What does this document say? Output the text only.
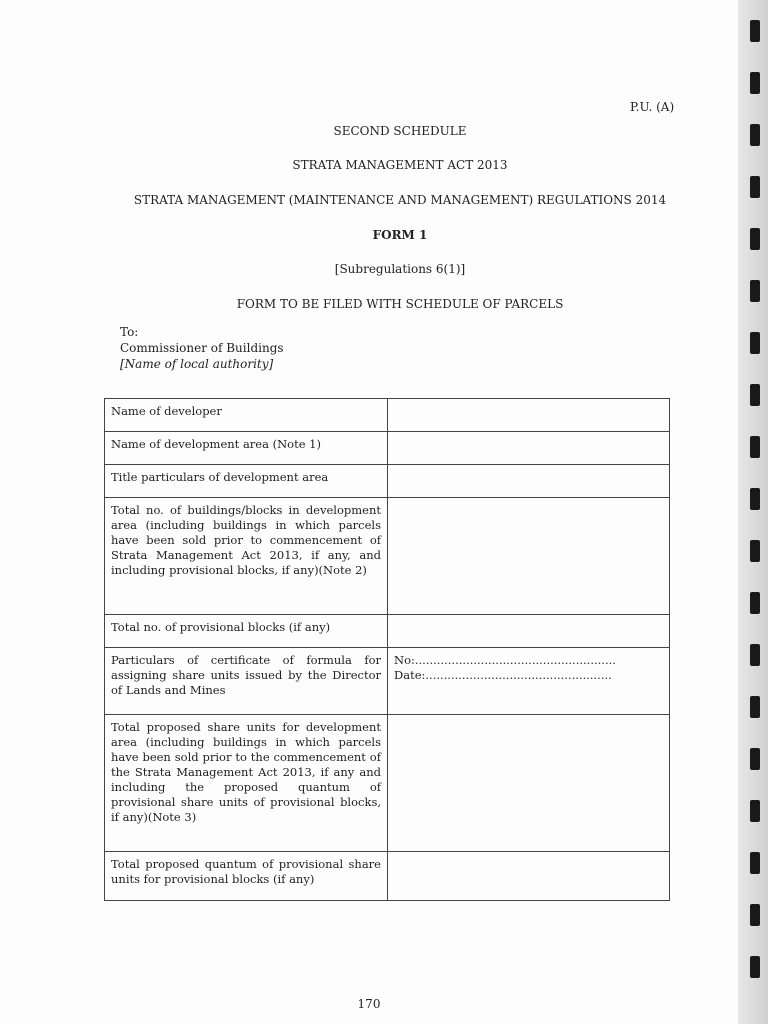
P.U. (A)
SECOND SCHEDULE
STRATA MANAGEMENT ACT 2013
STRATA MANAGEMENT (MAINTENANCE AND MANAGEMENT) REGULATIONS 2014
FORM 1
[Subregulations 6(1)]
FORM TO BE FILED WITH SCHEDULE OF PARCELS
To:
Commissioner of Buildings
[Name of local authority]
Name of developer	
Name of development area (Note 1)	
Title particulars of development area	
Total no. of buildings/blocks in development area (including buildings in which parcels have been sold prior to commencement of Strata Management Act 2013, if any, and including provisional blocks, if any)(Note 2)	
Total no. of provisional blocks (if any)	
Particulars of certificate of formula for assigning share units issued by the Director of Lands and Mines	No:.......................................................
Date:...................................................

Total proposed share units for development area (including buildings in which parcels have been sold prior to the commencement of the Strata Management Act 2013, if any and including the proposed quantum of provisional share units of provisional blocks, if any)(Note 3)	
Total proposed quantum of provisional share units for provisional blocks (if any)	
170
